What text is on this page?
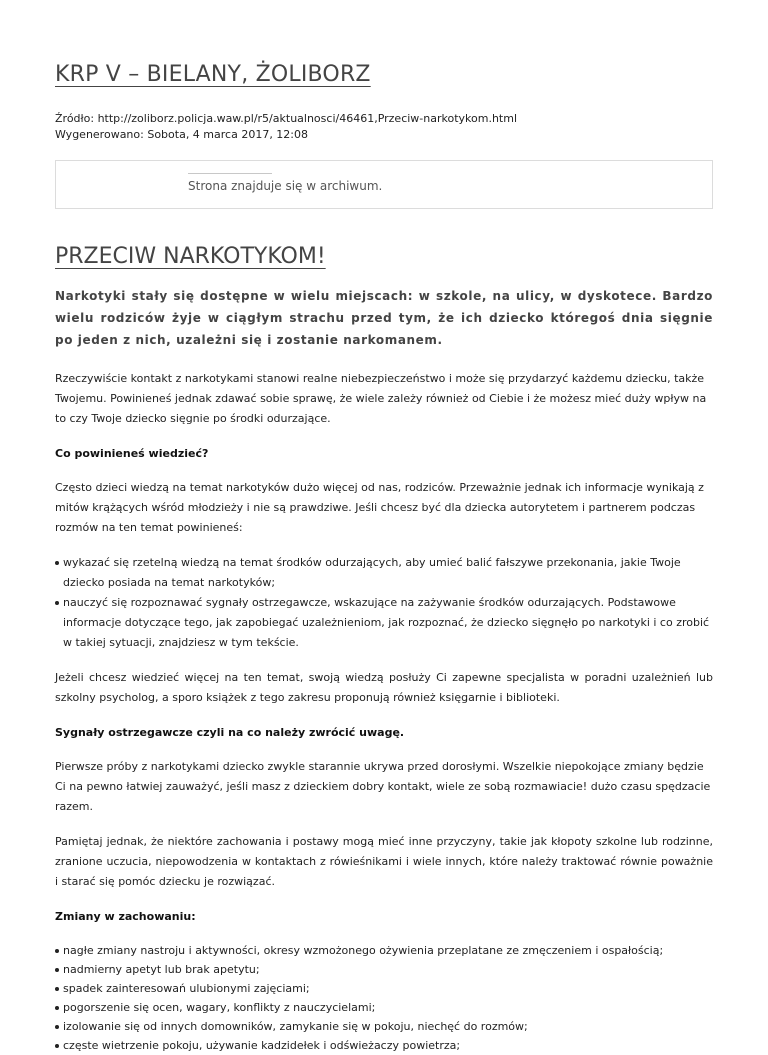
KRP V – BIELANY, ŻOLIBORZ
Źródło: http://zoliborz.policja.waw.pl/r5/aktualnosci/46461,Przeciw-narkotykom.html
Wygenerowano: Sobota, 4 marca 2017, 12:08
Strona znajduje się w archiwum.
PRZECIW NARKOTYKOM!

Narkotyki stały się dostępne w wielu miejscach: w szkole, na ulicy, w dyskotece. Bardzo wielu rodziców żyje w ciągłym strachu przed tym, że ich dziecko któregoś dnia sięgnie po jeden z nich, uzależni się i zostanie narkomanem.

Rzeczywiście kontakt z narkotykami stanowi realne niebezpieczeństwo i może się przydarzyć każdemu dziecku, także Twojemu. Powinieneś jednak zdawać sobie sprawę, że wiele zależy również od Ciebie i że możesz mieć duży wpływ na to czy Twoje dziecko sięgnie po środki odurzające.

Co powinieneś wiedzieć?

Często dzieci wiedzą na temat narkotyków dużo więcej od nas, rodziców. Przeważnie jednak ich informacje wynikają z mitów krążących wśród młodzieży i nie są prawdziwe. Jeśli chcesz być dla dziecka autorytetem i partnerem podczas rozmów na ten temat powinieneś:

wykazać się rzetelną wiedzą na temat środków odurzających, aby umieć balić fałszywe przekonania, jakie Twoje dziecko posiada na temat narkotyków;
nauczyć się rozpoznawać sygnały ostrzegawcze, wskazujące na zażywanie środków odurzających. Podstawowe informacje dotyczące tego, jak zapobiegać uzależnieniom, jak rozpoznać, że dziecko sięgnęło po narkotyki i co zrobić w takiej sytuacji, znajdziesz w tym tekście.

Jeżeli chcesz wiedzieć więcej na ten temat, swoją wiedzą posłuży Ci zapewne specjalista w poradni uzależnień lub szkolny psycholog, a sporo książek z tego zakresu proponują również księgarnie i biblioteki.

Sygnały ostrzegawcze czyli na co należy zwrócić uwagę.

Pierwsze próby z narkotykami dziecko zwykle starannie ukrywa przed dorosłymi. Wszelkie niepokojące zmiany będzie Ci na pewno łatwiej zauważyć, jeśli masz z dzieckiem dobry kontakt, wiele ze sobą rozmawiacie! dużo czasu spędzacie razem.

Pamiętaj jednak, że niektóre zachowania i postawy mogą mieć inne przyczyny, takie jak kłopoty szkolne lub rodzinne, zranione uczucia, niepowodzenia w kontaktach z rówieśnikami i wiele innych, które należy traktować równie poważnie i starać się pomóc dziecku je rozwiązać.

Zmiany w zachowaniu:

nagłe zmiany nastroju i aktywności, okresy wzmożonego ożywienia przeplatane ze zmęczeniem i ospałością;
nadmierny apetyt lub brak apetytu;
spadek zainteresowań ulubionymi zajęciami;
pogorszenie się ocen, wagary, konflikty z nauczycielami;
izolowanie się od innych domowników, zamykanie się w pokoju, niechęć do rozmów;
częste wietrzenie pokoju, używanie kadzidełek i odświeżaczy powietrza;
